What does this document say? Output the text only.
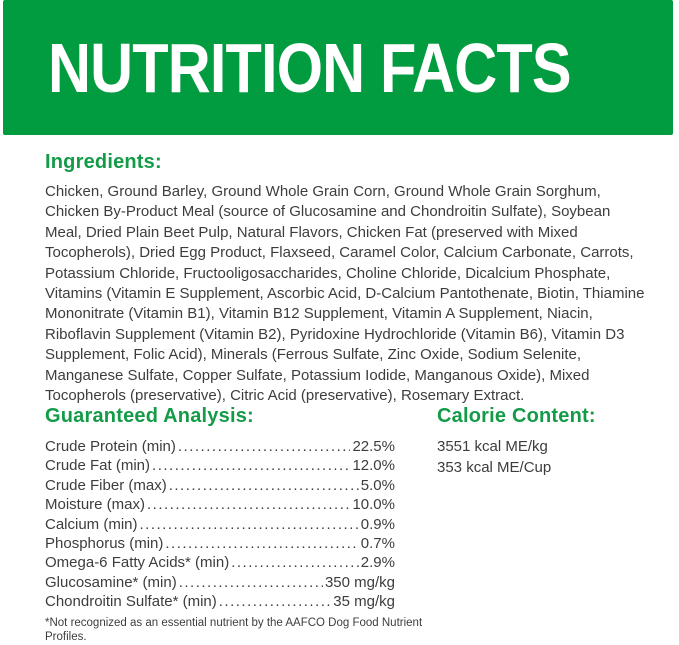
NUTRITION FACTS
Ingredients:

Chicken, Ground Barley, Ground Whole Grain Corn, Ground Whole Grain Sorghum, Chicken By-Product Meal (source of Glucosamine and Chondroitin Sulfate), Soybean Meal, Dried Plain Beet Pulp, Natural Flavors, Chicken Fat (preserved with Mixed Tocopherols), Dried Egg Product, Flaxseed, Caramel Color, Calcium Carbonate, Carrots, Potassium Chloride, Fructooligosaccharides, Choline Chloride, Dicalcium Phosphate, Vitamins (Vitamin E Supplement, Ascorbic Acid, D-Calcium Pantothenate, Biotin, Thiamine Mononitrate (Vitamin B1), Vitamin B12 Supplement, Vitamin A Supplement, Niacin, Riboflavin Supplement (Vitamin B2), Pyridoxine Hydrochloride (Vitamin B6), Vitamin D3 Supplement, Folic Acid), Minerals (Ferrous Sulfate, Zinc Oxide, Sodium Selenite, Manganese Sulfate, Copper Sulfate, Potassium Iodide, Manganous Oxide), Mixed Tocopherols (preservative), Citric Acid (preservative), Rosemary Extract.

Guaranteed Analysis:
Crude Protein (min) .....	22.5%
Crude Fat (min) .....	12.0%
Crude Fiber (max) .....	5.0%
Moisture (max) .....	10.0%
Calcium (min) .....	0.9%
Phosphorus (min) .....	0.7%
Omega-6 Fatty Acids* (min) .....	2.9%
Glucosamine* (min) .....	350 mg/kg
Chondroitin Sulfate* (min) .....	35 mg/kg

*Not recognized as an essential nutrient by the AAFCO Dog Food Nutrient Profiles.

Calorie Content:
3551 kcal ME/kg
353 kcal ME/Cup
